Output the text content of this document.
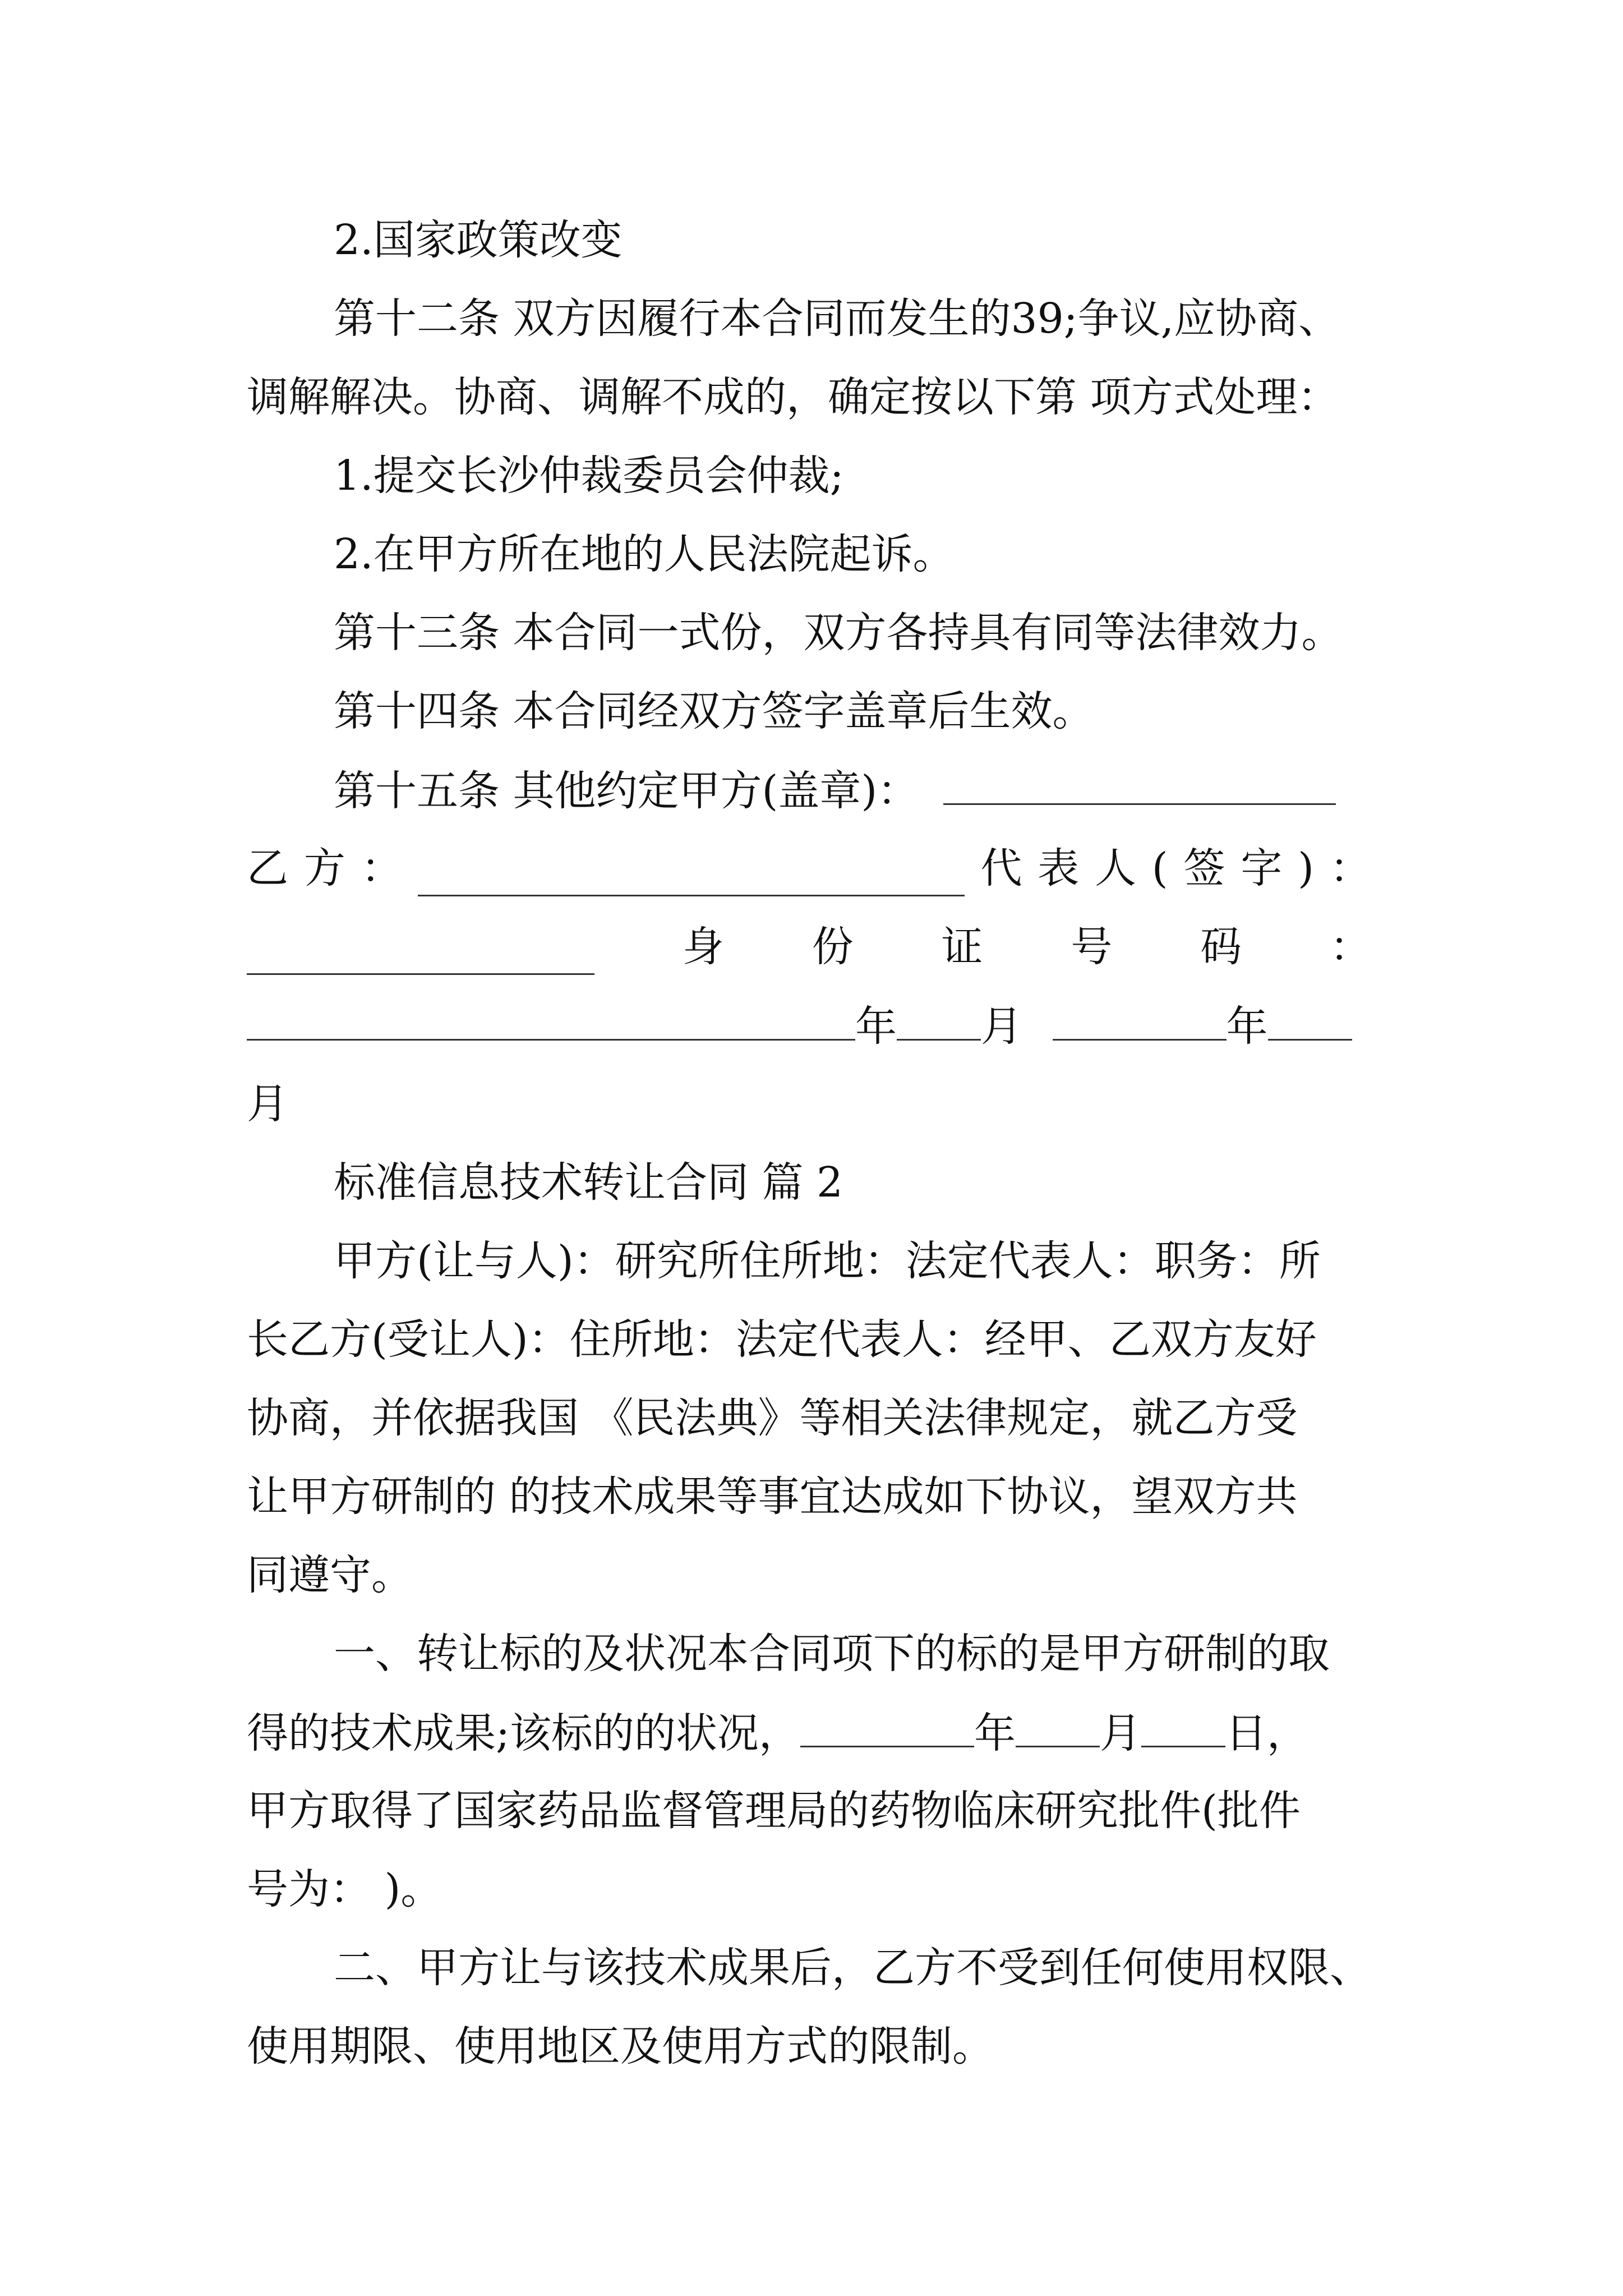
2.国家政策改变
第十二条 双方因履行本合同而发生的39;争议,应协商、
调解解决。协商、调解不成的，确定按以下第 项方式处理：
1.提交长沙仲裁委员会仲裁;
2.在甲方所在地的人民法院起诉。
第十三条 本合同一式份，双方各持具有同等法律效力。
第十四条 本合同经双方签字盖章后生效。
第十五条 其他约定甲方(盖章)：
乙 方 ：	代 表 人 ( 签 字 ) ：
身 份 证 号 码 ：
年 月	年
月
标准信息技术转让合同 篇 2
甲方(让与人)：研究所住所地：法定代表人：职务：所
长乙方(受让人)：住所地：法定代表人：经甲、乙双方友好
协商，并依据我国 《民法典》等相关法律规定，就乙方受
让甲方研制的 的技术成果等事宜达成如下协议，望双方共
同遵守。
一、转让标的及状况本合同项下的标的是甲方研制的取
得的技术成果;该标的的状况，	年 月 日，
甲方取得了国家药品监督管理局的药物临床研究批件(批件
号为： )。
二、甲方让与该技术成果后，乙方不受到任何使用权限、
使用期限、使用地区及使用方式的限制。
